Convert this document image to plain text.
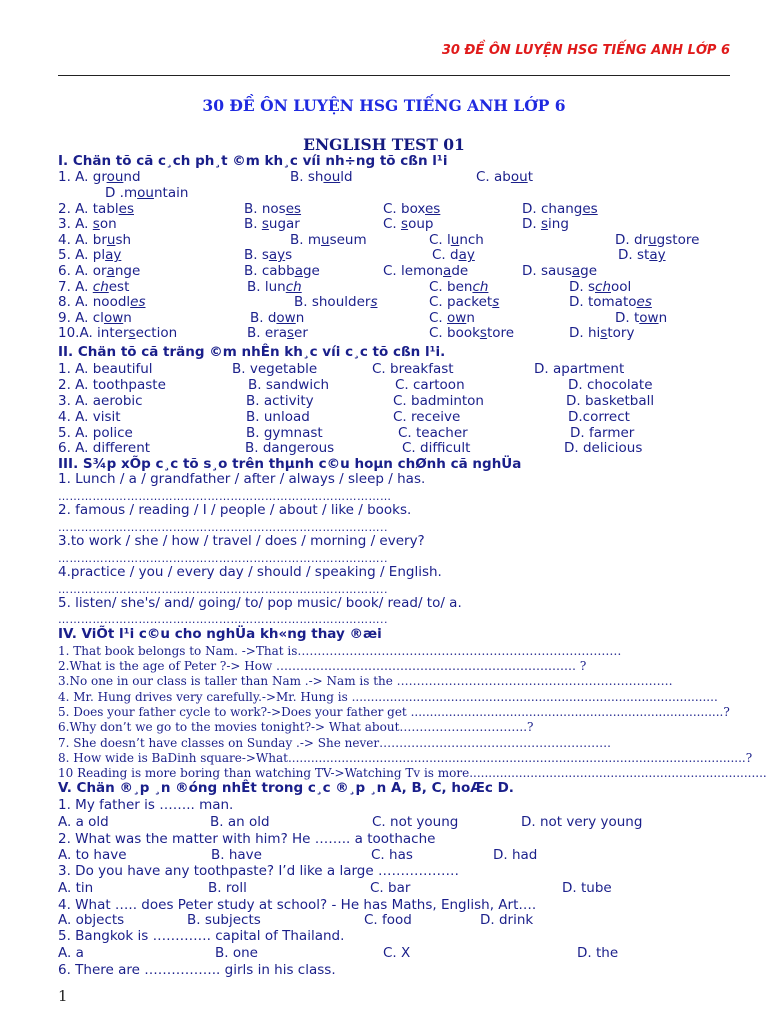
30 ĐỀ ÔN LUYỆN HSG TIẾNG ANH LỚP 6
30 ĐỀ ÔN LUYỆN HSG TIẾNG ANH LỚP 6
ENGLISH TEST 01
I. Chän tõ cã c¸ch ph¸t ©m kh¸c víi nh÷ng tõ cßn l¹i
1. A. ground	B. should	C. about
D .mountain
2. A. tables	B. noses	C. boxes	D. changes
3. A. son	B. sugar	C. soup	D. sing
4. A. brush	B. museum	C. lunch	D. drugstore
5. A. play	B. says	C. day	D. stay
6. A. orange	B. cabbage	C. lemonade	D. sausage
7. A. chest	B. lunch	C. bench	D. school
8. A. noodles	B. shoulders	C. packets	D. tomatoes
9. A. clown	B. down	C. own	D. town
10.A. intersection	B. eraser	C. bookstore	D. history
II. Chän tõ cã träng ©m nhÊn kh¸c víi c¸c tõ cßn l¹i.
1. A. beautiful	B. vegetable	C. breakfast	D. apartment
2. A. toothpaste	B. sandwich	C. cartoon	D. chocolate
3. A. aerobic	B. activity	C. badminton	D. basketball
4. A. visit	B. unload	C. receive	D.correct
5. A. police	B. gymnast	C. teacher	D. farmer
6. A. different	B. dangerous	C. difficult	D. delicious
III. S¾p xÕp c¸c tõ s¸o trên thµnh c©u hoµn chØnh cã nghÜa
1. Lunch / a / grandfather / after / always / sleep / has.
……………………………………………………………………………
2. famous / reading / I / people / about / like / books.
…………………………………………………………………………..
3.to work / she / how / travel / does / morning / every?
…………………………………………………………………………..
4.practice / you / every day / should / speaking / English.
…………………………………………………………………………..
5. listen/ she's/ and/ going/ to/ pop music/ book/ read/ to/ a.
…………………………………………………………………………..
IV. ViÕt l¹i c©u cho nghÜa kh«ng thay ®æi
1. That book belongs to Nam. ->That is………………………………………………………………………
2.What is the age of Peter ?-> How ………………………………………………………………… ?
3.No one in our class is taller than Nam .-> Nam is the ……………………………………………………………
4. Mr. Hung drives very carefully.->Mr. Hung is ................................................................................................
5. Does your father cycle to work?->Does your father get ..................................................................................?
6.Why don’t we go to the movies tonight?-> What about…………………………..?
7. She doesn’t have classes on Sunday .-> She never………………………………………………….
8. How wide is BaDinh square->What........................................................................................................................?
10 Reading is more boring than watching TV->Watching Tv is more..............................................................................
V. Chän ®¸p ¸n ®óng nhÊt trong c¸c ®¸p ¸n A, B, C, hoÆc D.
1. My father is …….. man.
A. a old	B. an old	C. not young	D. not very young
2. What was the matter with him? He …….. a toothache
A. to have	B. have	C. has	D. had
3. Do you have any toothpaste? I’d like a large ………………
A. tin	B. roll	C. bar	D. tube
4. What ….. does Peter study at school? - He has Maths, English, Art….
A. objects	B. subjects	C. food	D. drink
5. Bangkok is …………. capital of Thailand.
A. a	B. one	C. X	D. the
6. There are …………….. girls in his class.
1
